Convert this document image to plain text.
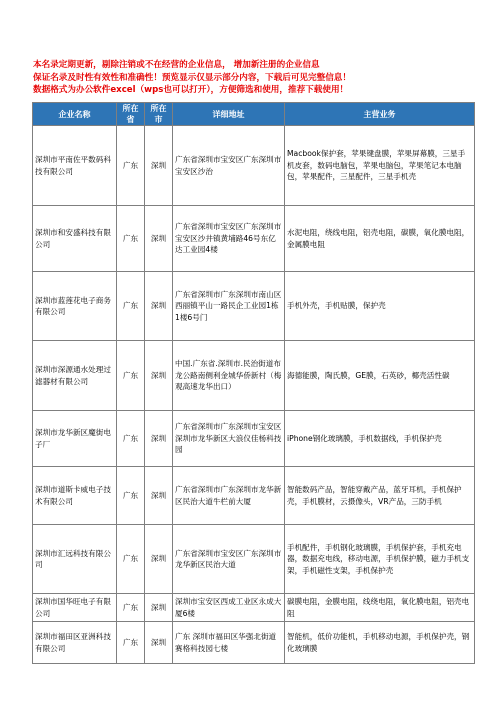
本名录定期更新，剔除注销或不在经营的企业信息， 增加新注册的企业信息
保证名录及时性有效性和准确性！预览显示仅显示部分内容，下载后可见完整信息！
数据格式为办公软件excel（wps也可以打开），方便筛选和使用，推荐下载使用！
企业名称	所在省	所在市	详细地址	主营业务
深圳市平南佐平数码科技有限公司	广东	深圳	广东省深圳市宝安区广东深圳市宝安区沙治	Macbook保护套，苹果键盘膜，苹果屏幕膜，三星手机皮套，数码电脑包，苹果电脑包，苹果笔记本电脑包，苹果配件，三星配件，三星手机壳
深圳市和安盛科技有限公司	广东	深圳	广东省深圳市宝安区广东深圳市宝安区沙井镇黄埔路46号东亿达工业园4楼	水泥电阻，绕线电阻，铝壳电阻，碳膜，氧化膜电阻，金属膜电阻
深圳市蓝莲花电子商务有限公司	广东	深圳	广东省深圳市广东深圳市南山区 西丽镇平山一路民企工业园1栋1楼6号门	手机外壳，手机贴膜，保护壳
深圳市深源通水处理过滤器材有限公司	广东	深圳	中国.广东省.深圳市.民治街道布龙公路南侧利金城华侨新村（梅观高速龙华出口）	海德能膜，陶氏膜，GE膜，石英砂，椰壳活性碳
深圳市龙华新区魔街电子厂	广东	深圳	广东省深圳市广东深圳市宝安区深圳市龙华新区大浪仪佳杨科技园	iPhone钢化玻璃膜，手机数据线，手机保护壳
深圳市道斯卡威电子技术有限公司	广东	深圳	广东省深圳市广东深圳市龙华新区民治大道牛栏前大厦	智能数码产品，智能穿戴产品，蓝牙耳机，手机保护壳，手机膜材，云摄像头，VR产品，三防手机
深圳市汇远科技有限公司	广东	深圳	广东省深圳市宝安区广东深圳市龙华新区民治大道	手机配件，手机钢化玻璃膜，手机保护套，手机充电器，数据充电线，移动电源，手机保护膜，磁力手机支架，手机磁性支架，手机保护壳
深圳市国华旺电子有限公司	广东	深圳	深圳市宝安区西成工业区永成大厦6楼	碳膜电阻，金膜电阻，线绕电阻，氧化膜电阻，铝壳电阻
深圳市福田区亚洲科技有限公司	广东	深圳	广东 深圳市福田区华强北街道赛格科技园七楼	智能机，低价功能机，手机移动电源，手机保护壳，钢化玻璃膜
